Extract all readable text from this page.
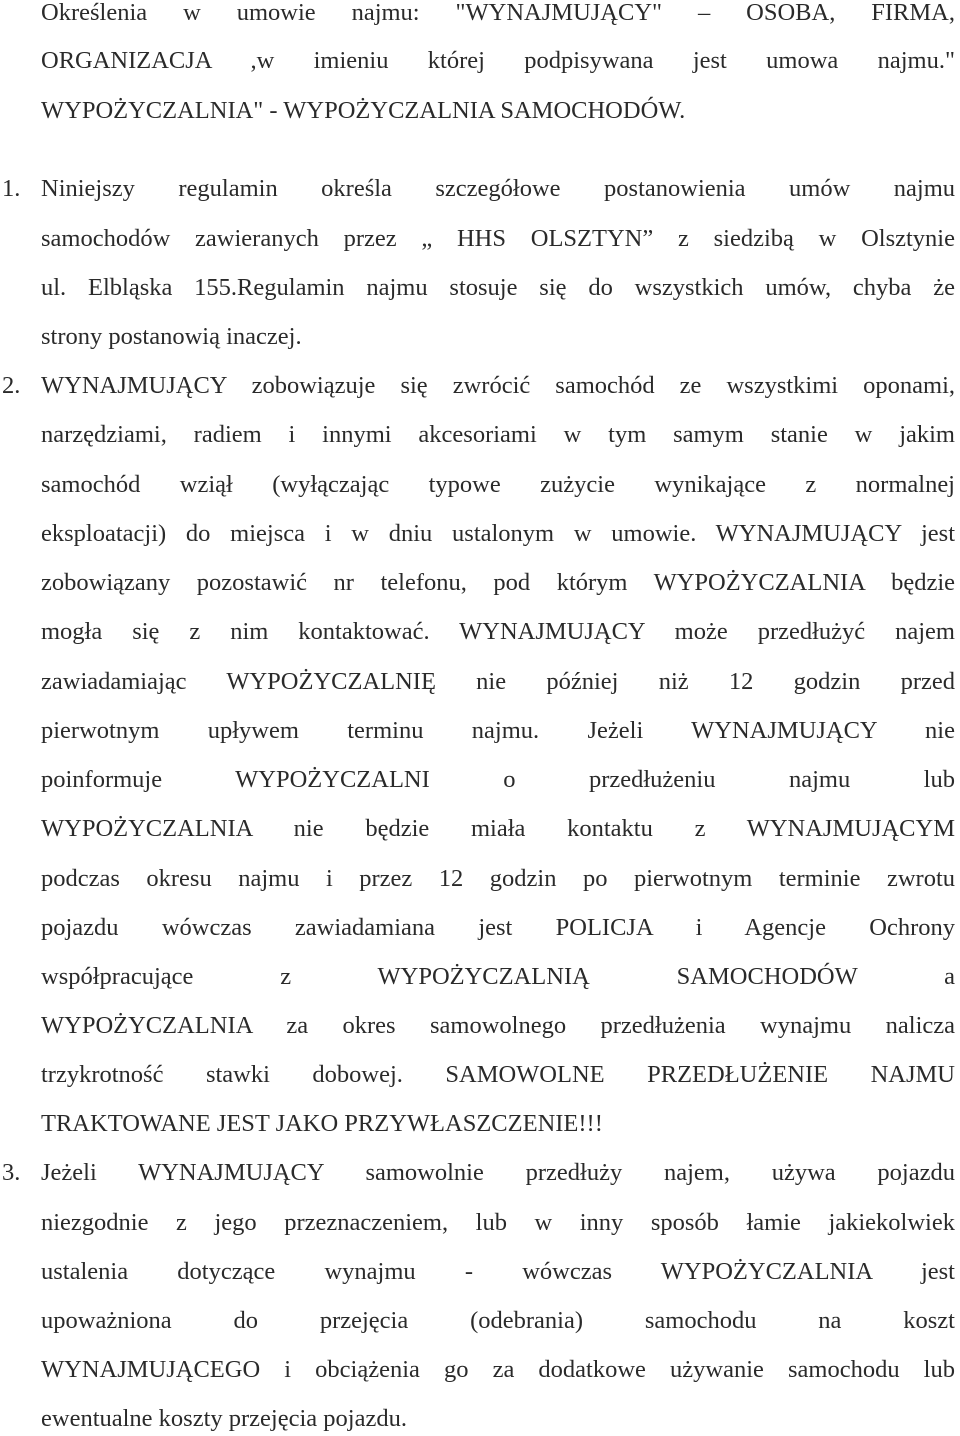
Określenia w umowie najmu: "WYNAJMUJĄCY" – OSOBA, FIRMA,
ORGANIZACJA ,w imieniu której podpisywana jest umowa najmu."
WYPOŻYCZALNIA" - WYPOŻYCZALNIA SAMOCHODÓW.
1. Niniejszy regulamin określa szczegółowe postanowienia umów najmu
samochodów zawieranych przez „ HHS OLSZTYN” z siedzibą w Olsztynie
ul. Elbląska 155.Regulamin najmu stosuje się do wszystkich umów, chyba że
strony postanowią inaczej.
2. WYNAJMUJĄCY zobowiązuje się zwrócić samochód ze wszystkimi oponami,
narzędziami, radiem i innymi akcesoriami w tym samym stanie w jakim
samochód wziął (wyłączając typowe zużycie wynikające z normalnej
eksploatacji) do miejsca i w dniu ustalonym w umowie. WYNAJMUJĄCY jest
zobowiązany pozostawić nr telefonu, pod którym WYPOŻYCZALNIA będzie
mogła się z nim kontaktować. WYNAJMUJĄCY może przedłużyć najem
zawiadamiając WYPOŻYCZALNIĘ nie później niż 12 godzin przed
pierwotnym upływem terminu najmu. Jeżeli WYNAJMUJĄCY nie
poinformuje WYPOŻYCZALNI o przedłużeniu najmu lub
WYPOŻYCZALNIA nie będzie miała kontaktu z WYNAJMUJĄCYM
podczas okresu najmu i przez 12 godzin po pierwotnym terminie zwrotu
pojazdu wówczas zawiadamiana jest POLICJA i Agencje Ochrony
współpracujące z WYPOŻYCZALNIĄ SAMOCHODÓW a
WYPOŻYCZALNIA za okres samowolnego przedłużenia wynajmu nalicza
trzykrotność stawki dobowej. SAMOWOLNE PRZEDŁUŻENIE NAJMU
TRAKTOWANE JEST JAKO PRZYWŁASZCZENIE!!!
3. Jeżeli WYNAJMUJĄCY samowolnie przedłuży najem, używa pojazdu
niezgodnie z jego przeznaczeniem, lub w inny sposób łamie jakiekolwiek
ustalenia dotyczące wynajmu - wówczas WYPOŻYCZALNIA jest
upoważniona do przejęcia (odebrania) samochodu na koszt
WYNAJMUJĄCEGO i obciążenia go za dodatkowe używanie samochodu lub
ewentualne koszty przejęcia pojazdu.
